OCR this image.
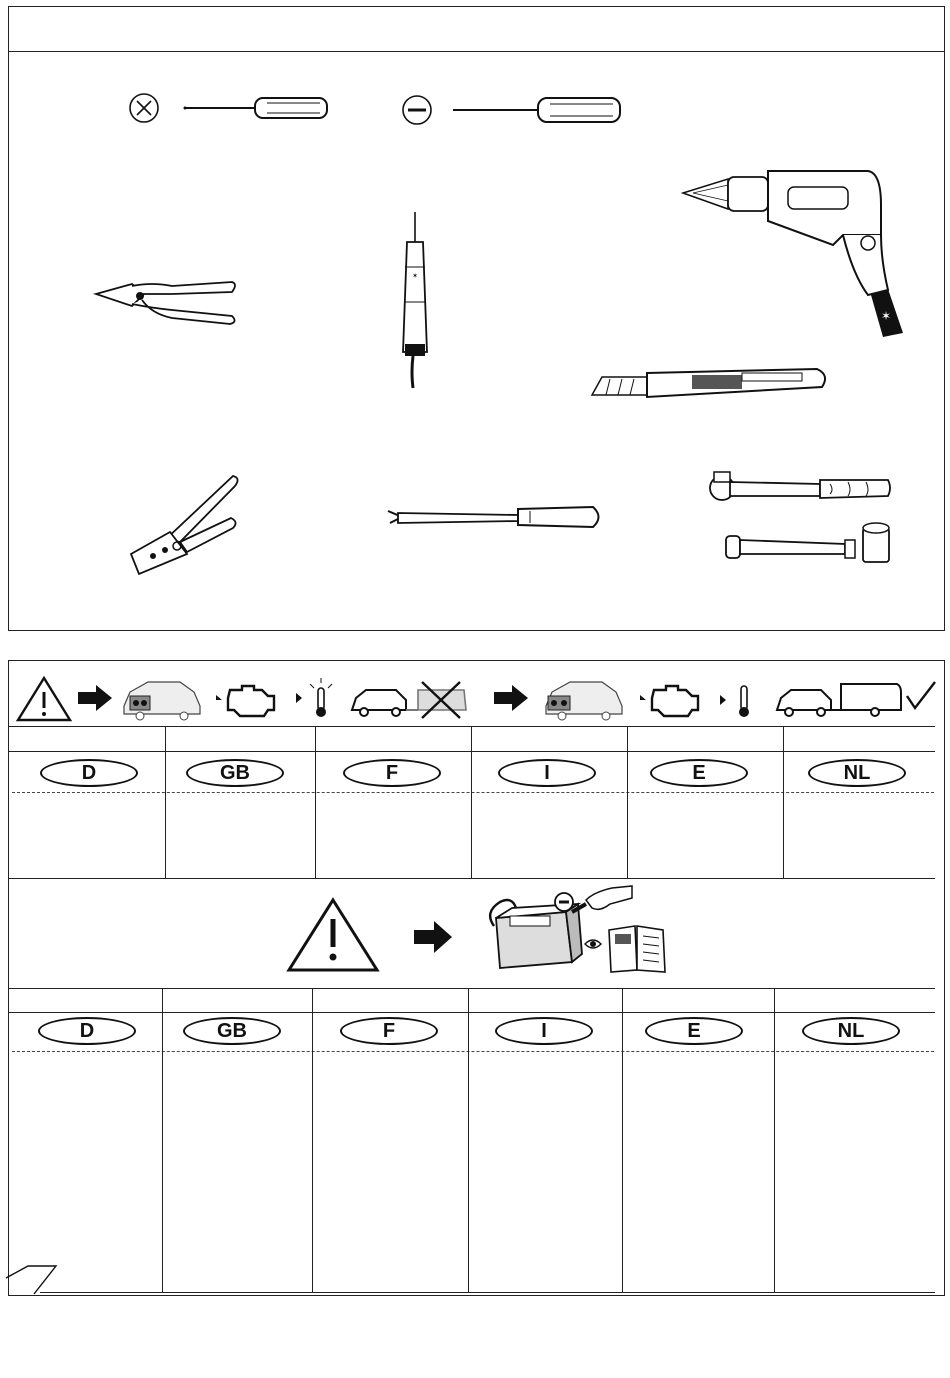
✶
✶
D	GB	F	I	E	NL
D	GB	F	I	E	NL
